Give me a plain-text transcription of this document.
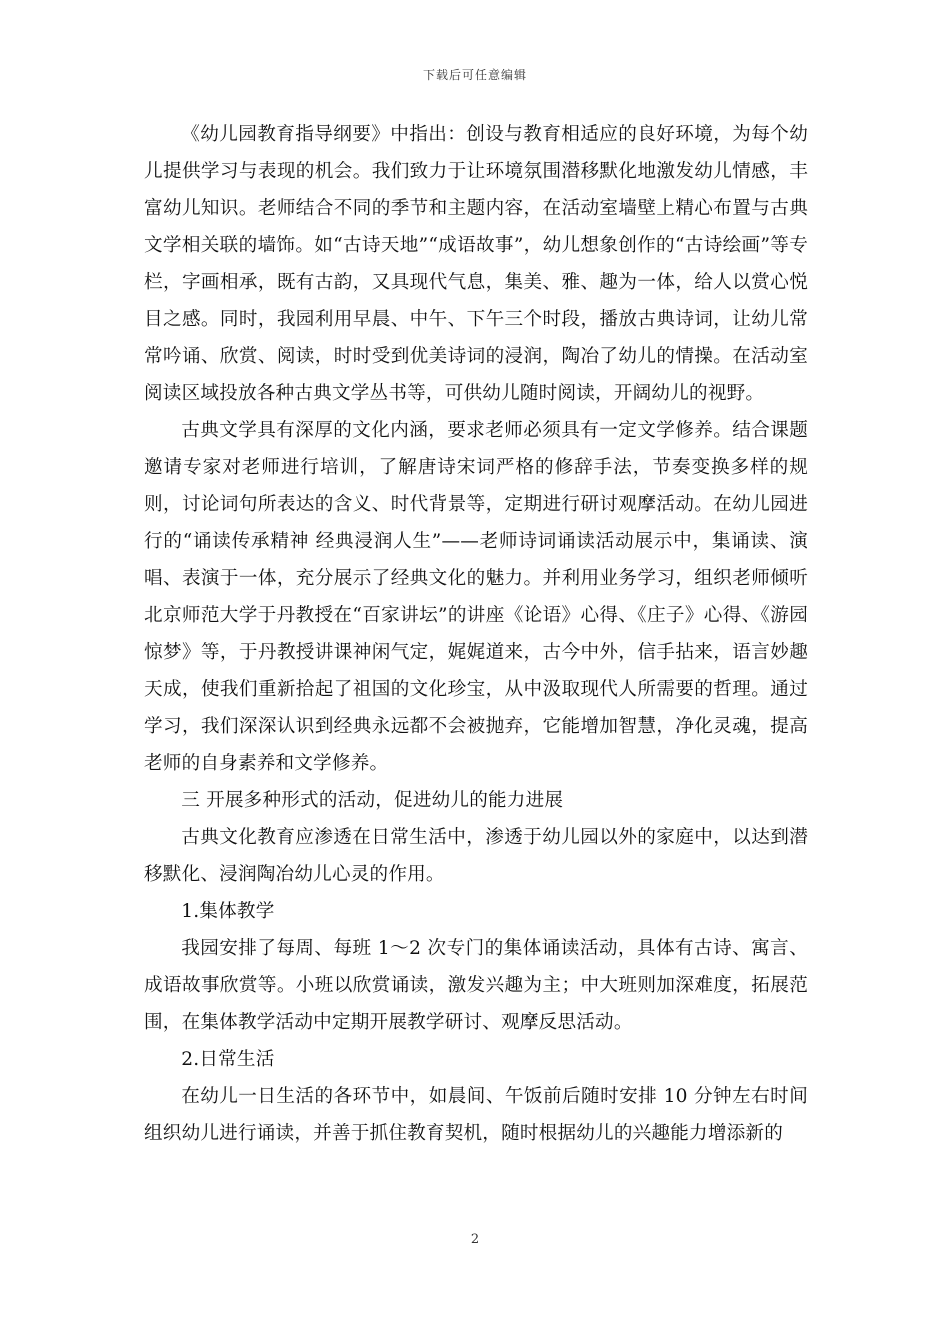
下载后可任意编辑

《幼儿园教育指导纲要》中指出：创设与教育相适应的良好环境，为每个幼儿提供学习与表现的机会。我们致力于让环境氛围潜移默化地激发幼儿情感，丰富幼儿知识。老师结合不同的季节和主题内容，在活动室墙壁上精心布置与古典文学相关联的墙饰。如“古诗天地”“成语故事”，幼儿想象创作的“古诗绘画”等专栏，字画相承，既有古韵，又具现代气息，集美、雅、趣为一体，给人以赏心悦目之感。同时，我园利用早晨、中午、下午三个时段，播放古典诗词，让幼儿常常吟诵、欣赏、阅读，时时受到优美诗词的浸润，陶冶了幼儿的情操。在活动室阅读区域投放各种古典文学丛书等，可供幼儿随时阅读，开阔幼儿的视野。

古典文学具有深厚的文化内涵，要求老师必须具有一定文学修养。结合课题邀请专家对老师进行培训，了解唐诗宋词严格的修辞手法，节奏变换多样的规则，讨论词句所表达的含义、时代背景等，定期进行研讨观摩活动。在幼儿园进行的“诵读传承精神 经典浸润人生”——老师诗词诵读活动展示中，集诵读、演唱、表演于一体，充分展示了经典文化的魅力。并利用业务学习，组织老师倾听北京师范大学于丹教授在“百家讲坛”的讲座《论语》心得、《庄子》心得、《游园惊梦》等，于丹教授讲课神闲气定，娓娓道来，古今中外，信手拈来，语言妙趣天成，使我们重新拾起了祖国的文化珍宝，从中汲取现代人所需要的哲理。通过学习，我们深深认识到经典永远都不会被抛弃，它能增加智慧，净化灵魂，提高老师的自身素养和文学修养。

三 开展多种形式的活动，促进幼儿的能力进展

古典文化教育应渗透在日常生活中，渗透于幼儿园以外的家庭中，以达到潜移默化、浸润陶冶幼儿心灵的作用。

1.集体教学

我园安排了每周、每班 1～2 次专门的集体诵读活动，具体有古诗、寓言、成语故事欣赏等。小班以欣赏诵读，激发兴趣为主；中大班则加深难度，拓展范围，在集体教学活动中定期开展教学研讨、观摩反思活动。

2.日常生活

在幼儿一日生活的各环节中，如晨间、午饭前后随时安排 10 分钟左右时间组织幼儿进行诵读，并善于抓住教育契机，随时根据幼儿的兴趣能力增添新的

2
